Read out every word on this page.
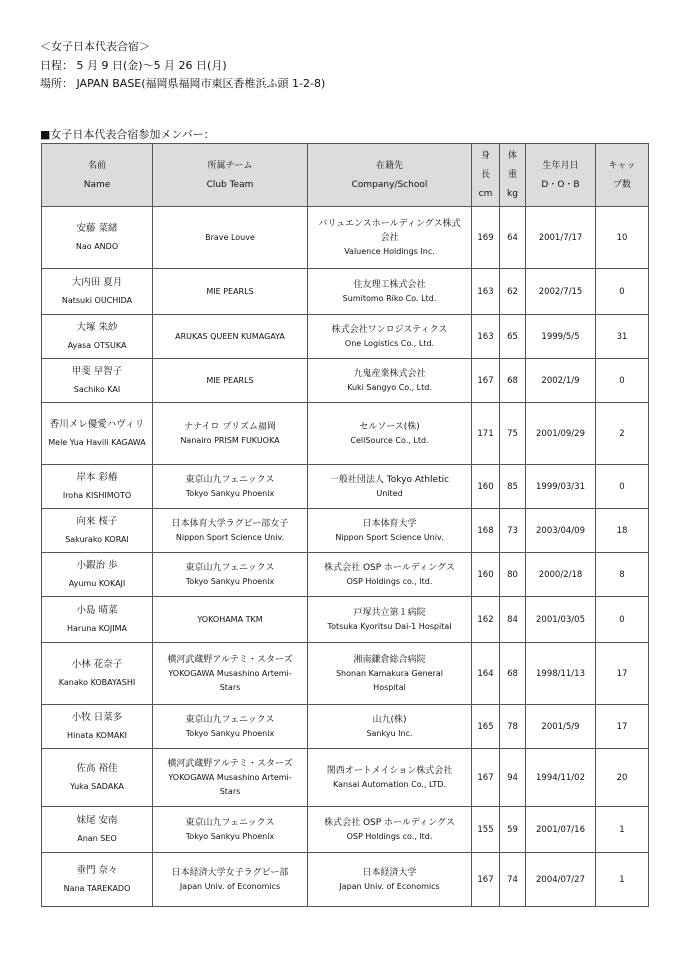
＜女子日本代表合宿＞
日程： 5 月 9 日(金)～5 月 26 日(月)
場所： JAPAN BASE(福岡県福岡市東区香椎浜ふ頭 1-2-8)
■女子日本代表合宿参加メンバー：
名前
Name	所属チーム
Club Team	在籍先
Company/School	身
長
cm	体
重
kg	生年月日
D・O・B	キャッ
プ数

安藤 菜緒
Nao ANDO	Brave Louve	バリュエンスホールディングス株式
会社
Valuence Holdings Inc.	169	64	2001/7/17	10

大内田 夏月
Natsuki OUCHIDA	MIE PEARLS	住友理工株式会社
Sumitomo Riko Co. Ltd.	163	62	2002/7/15	0

大塚 朱紗
Ayasa OTSUKA	ARUKAS QUEEN KUMAGAYA	株式会社ワンロジスティクス
One Logistics Co., Ltd.	163	65	1999/5/5	31

甲斐 早智子
Sachiko KAI	MIE PEARLS	九鬼産業株式会社
Kuki Sangyo Co., Ltd.	167	68	2002/1/9	0

香川メレ優愛ハヴィリ
Mele Yua Havili KAGAWA	ナナイロ プリズム福岡
Nanairo PRISM FUKUOKA	セルソース(株)
CellSource Co., Ltd.	171	75	2001/09/29	2

岸本 彩椿
Iroha KISHIMOTO	東京山九フェニックス
Tokyo Sankyu Phoenix	一般社団法人 Tokyo Athletic
United	160	85	1999/03/31	0

向來 桜子
Sakurako KORAI	日本体育大学ラグビー部女子
Nippon Sport Science Univ.	日本体育大学
Nippon Sport Science Univ.	168	73	2003/04/09	18

小鍜治 歩
Ayumu KOKAJI	東京山九フェニックス
Tokyo Sankyu Phoenix	株式会社 OSP ホールディングス
OSP Holdings co., ltd.	160	80	2000/2/18	8

小島 晴菜
Haruna KOJIMA	YOKOHAMA TKM	戸塚共立第１病院
Totsuka Kyoritsu Dai-1 Hospital	162	84	2001/03/05	0

小林 花奈子
Kanako KOBAYASHI	横河武蔵野アルテミ・スターズ
YOKOGAWA Musashino Artemi-
Stars	湘南鎌倉総合病院
Shonan Kamakura General
Hospital	164	68	1998/11/13	17

小牧 日菜多
Hinata KOMAKI	東京山九フェニックス
Tokyo Sankyu Phoenix	山九(株)
Sankyu Inc.	165	78	2001/5/9	17

佐高 裕佳
Yuka SADAKA	横河武蔵野アルテミ・スターズ
YOKOGAWA Musashino Artemi-
Stars	関西オートメイション株式会社
Kansai Automation Co., LTD.	167	94	1994/11/02	20

妹尾 安南
Anan SEO	東京山九フェニックス
Tokyo Sankyu Phoenix	株式会社 OSP ホールディングス
OSP Holdings co., ltd.	155	59	2001/07/16	1

垂門 奈々
Nana TAREKADO	日本経済大学女子ラグビー部
Japan Univ. of Economics	日本経済大学
Japan Univ. of Economics	167	74	2004/07/27	1
